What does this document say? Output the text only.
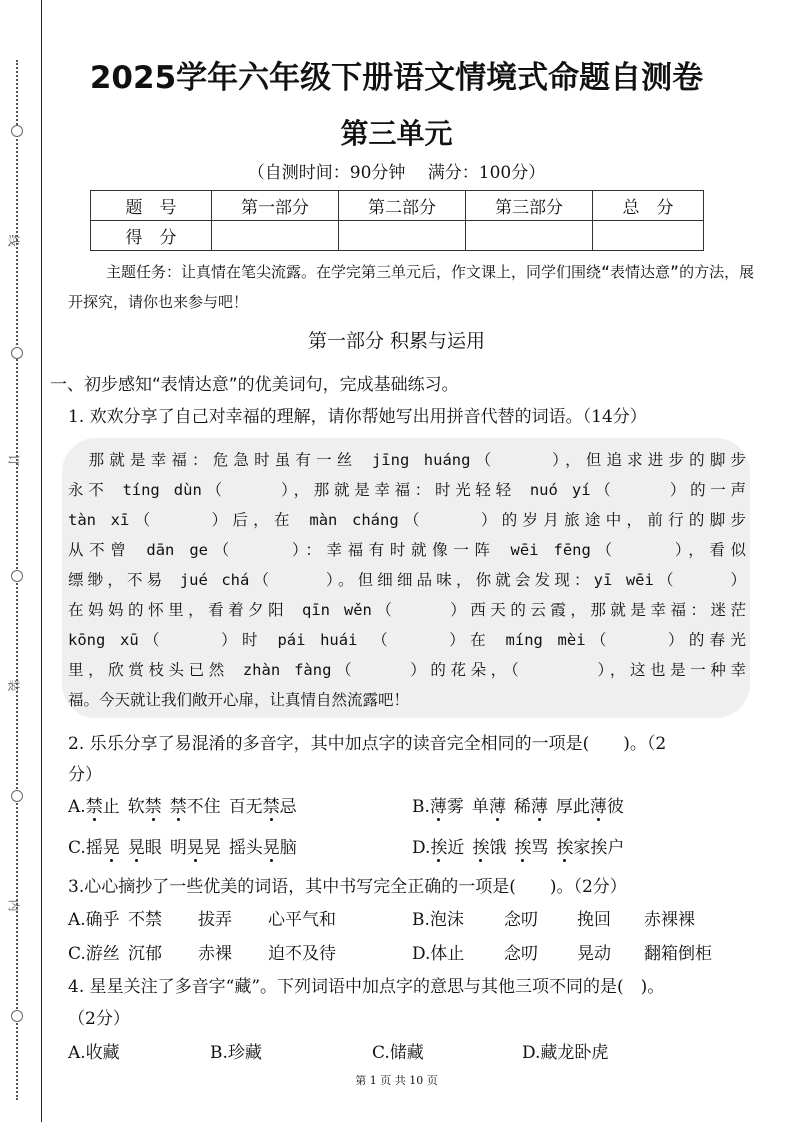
线
订
装
内
2025学年六年级下册语文情境式命题自测卷
第三单元
（自测时间：90分钟　 满分：100分）
题　号	第一部分	第二部分	第三部分	总　分
得　分				
主题任务：让真情在笔尖流露。在学完第三单元后，作文课上，同学们围绕“表情达意”的方法，展开探究，请你也来参与吧！
第一部分 积累与运用
一、初步感知“表情达意”的优美词句，完成基础练习。
1. 欢欢分享了自己对幸福的理解，请你帮她写出用拼音代替的词语。（14分）
　那就是幸福：危急时虽有一丝 jīng huáng（　　 ），但追求进步的脚步
永不 tíng dùn（　　 ），那就是幸福：时光轻轻 nuó yí（　　 ）的一声
tàn xī（　　 ）后，在 màn cháng（　　 ）的岁月旅途中，前行的脚步
从不曾 dān ge（　　 ）：幸福有时就像一阵 wēi fēng（　　 ），看似
缥缈，不易 jué chá（　　 ）。但细细品味，你就会发现：yī wēi（　　 ）
在妈妈的怀里，看着夕阳 qīn wěn（　　 ）西天的云霞，那就是幸福：迷茫
kōng xū（　　 ）时 pái huái （　　 ）在 míng mèi（　　 ）的春光
里，欣赏枝头已然 zhàn fàng（　　 ）的花朵，（　　　 ），这也是一种幸
福。今天就让我们敞开心扉，让真情自然流露吧！
2. 乐乐分享了易混淆的多音字，其中加点字的读音完全相同的一项是(　　)。（2
分）
A.禁止 软禁 禁不住 百无禁忌	B.薄雾 单薄 稀薄 厚此薄彼
C.摇晃 晃眼 明晃晃 摇头晃脑	D.挨近 挨饿 挨骂 挨家挨户
3.心心摘抄了一些优美的词语，其中书写完全正确的一项是(　　)。（2分）
A.确乎 不禁 拔弄 心平气和	B.泡沫 念叨 挽回 赤裸裸
C.游丝 沉郁 赤裸 迫不及待	D.体止 念叨 晃动 翻箱倒柜
4. 星星关注了多音字“藏”。下列词语中加点字的意思与其他三项不同的是(　)。
（2分）
A.收藏	B.珍藏	C.储藏	D.藏龙卧虎
第 1 页 共 10 页
